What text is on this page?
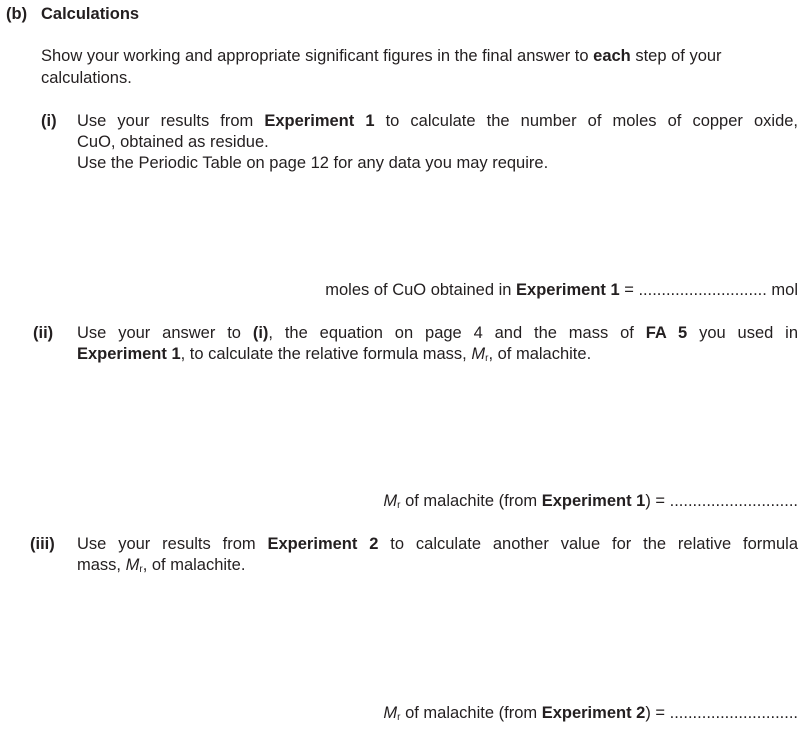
(b) Calculations
Show your working and appropriate significant figures in the final answer to each step of your
calculations.
(i) Use your results from Experiment 1 to calculate the number of moles of copper oxide,
CuO, obtained as residue.
Use the Periodic Table on page 12 for any data you may require.
moles of CuO obtained in Experiment 1 = ............................ mol
(ii) Use your answer to (i), the equation on page 4 and the mass of FA 5 you used in
Experiment 1, to calculate the relative formula mass, $M_r$, of malachite.
$M_r$ of malachite (from Experiment 1) = ............................
(iii) Use your results from Experiment 2 to calculate another value for the relative formula
mass, $M_r$, of malachite.
$M_r$ of malachite (from Experiment 2) = ............................
